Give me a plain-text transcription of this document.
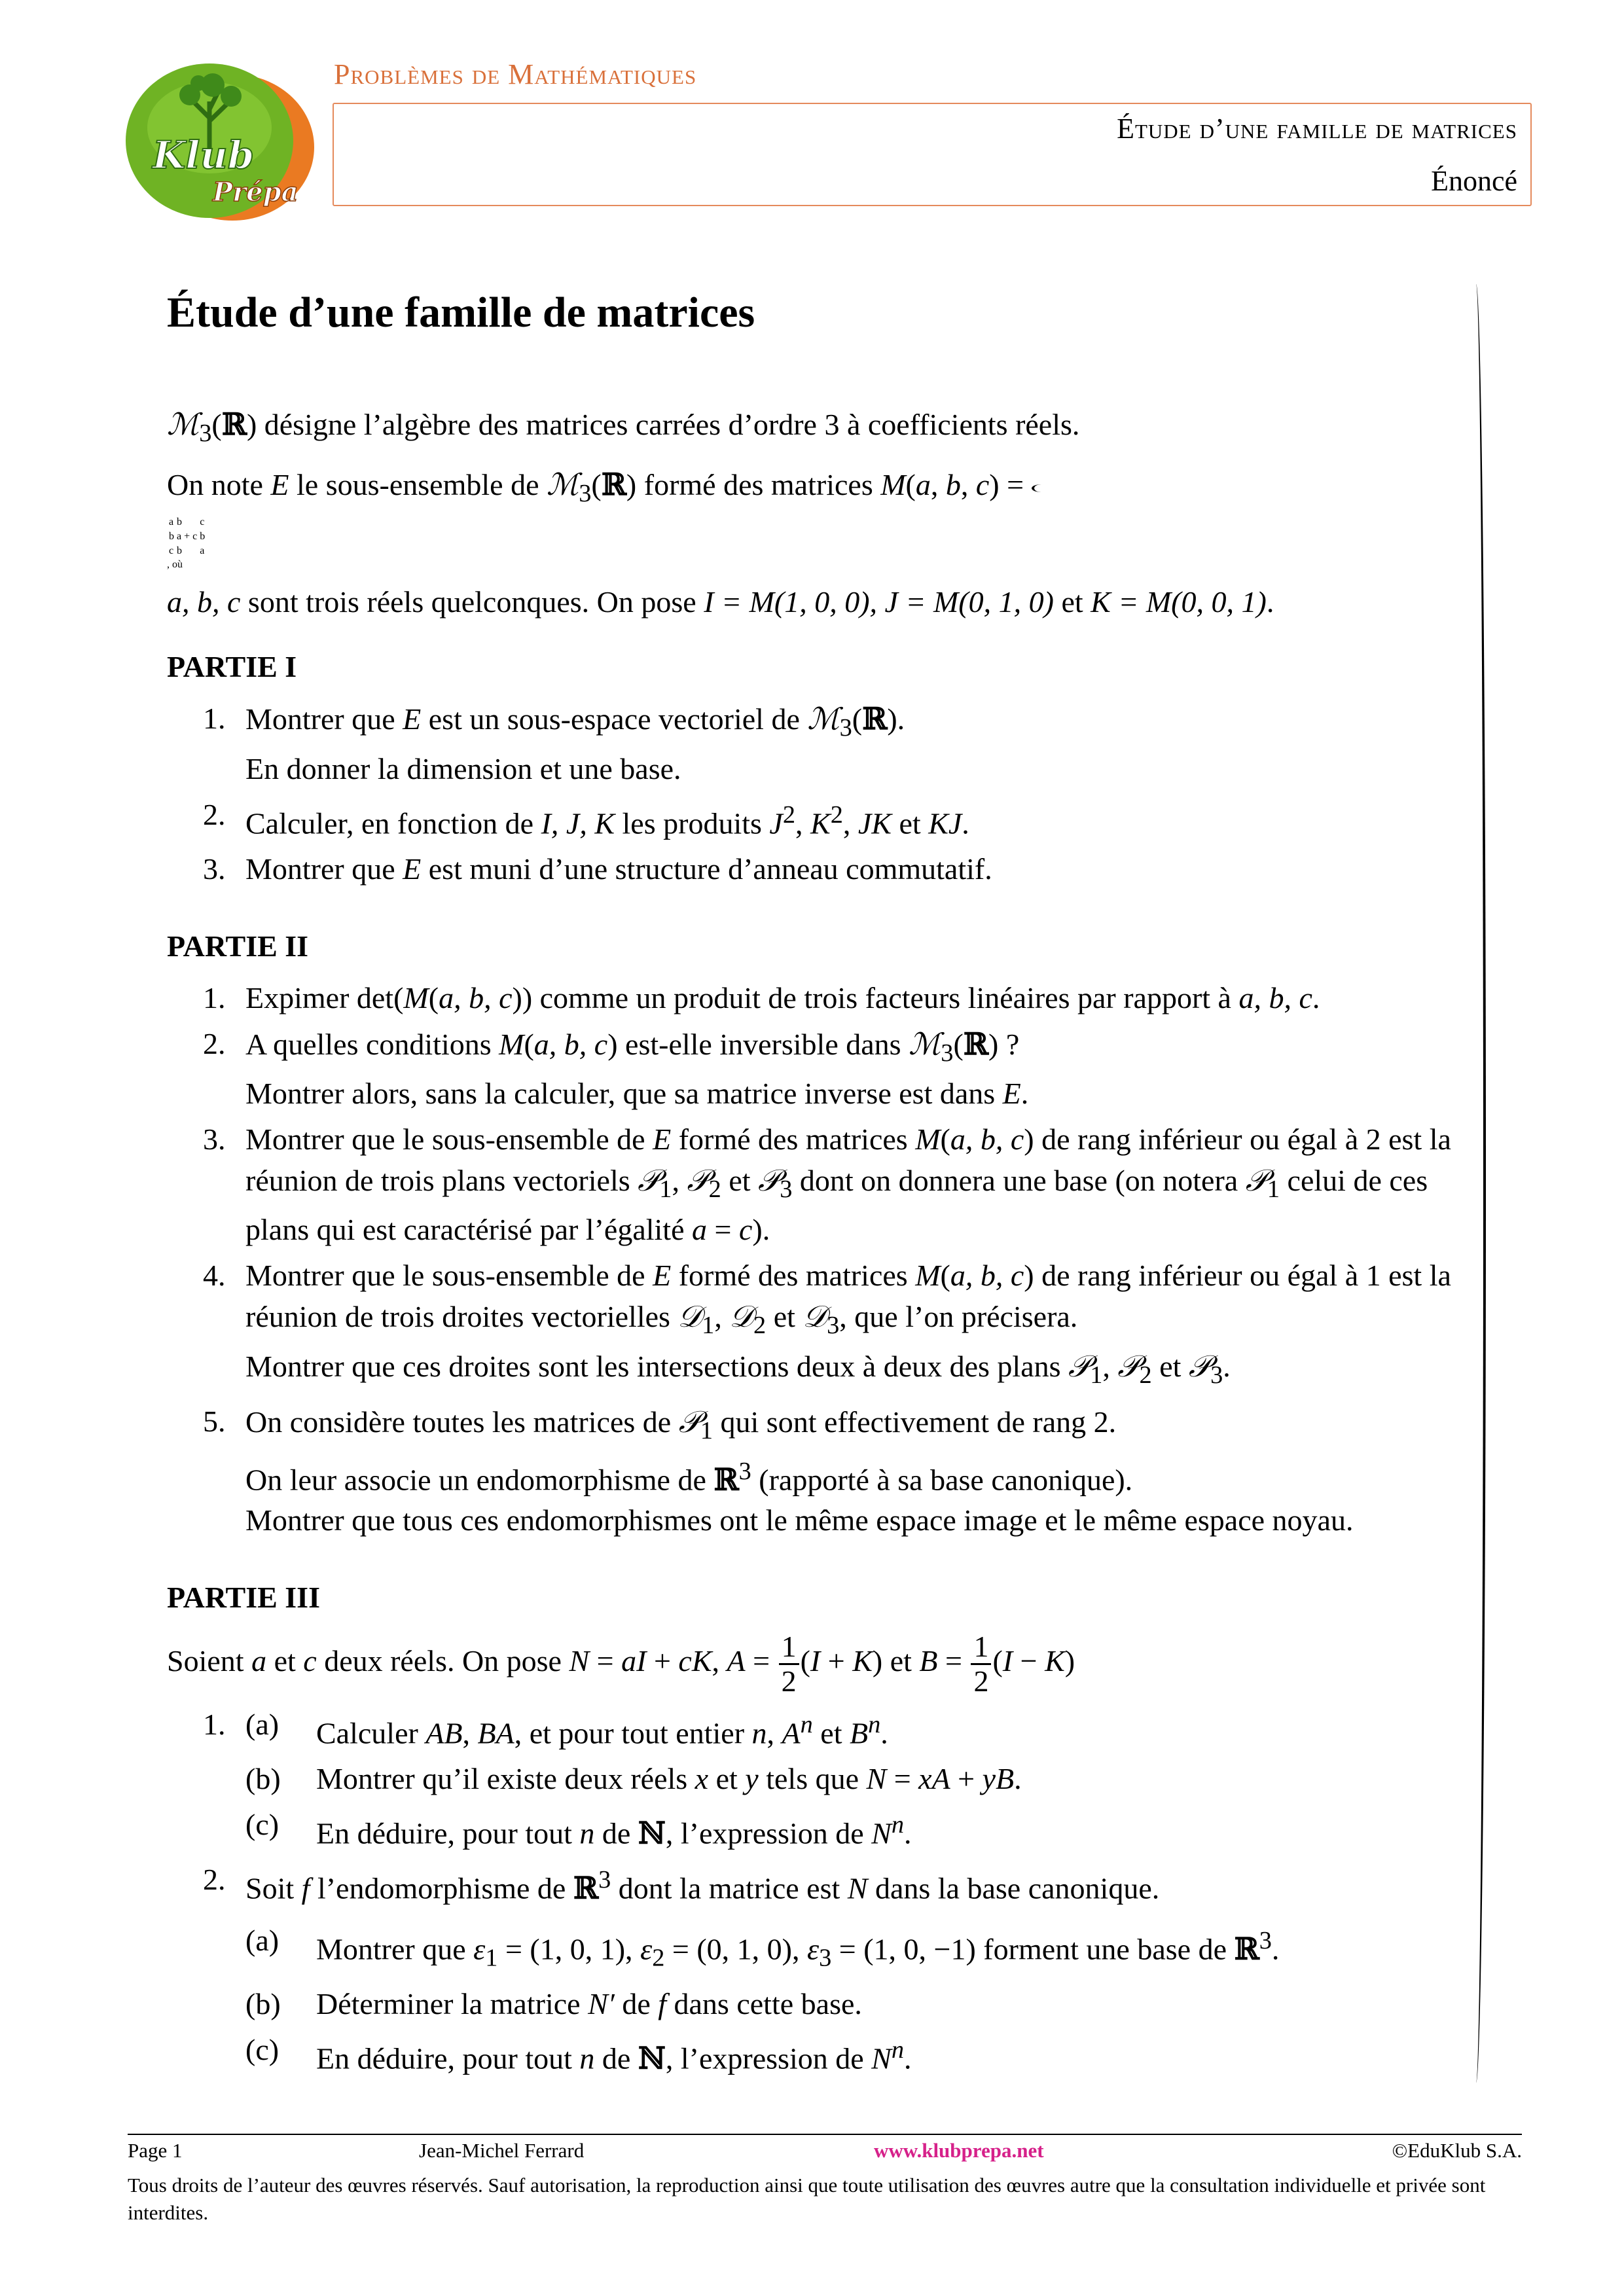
Klub
Prépa
Problèmes de Mathématiques
Étude d’une famille de matrices
Énoncé
Étude d’une famille de matrices

ℳ$_3$(ℝ) désigne l’algèbre des matrices carrées d’ordre 3 à coefficients réels.

On note E le sous-ensemble de ℳ$_3$(ℝ) formé des matrices M(a, b, c) =

a	b	c
b	a + c	b
c	b	a
, où

a, b, c sont trois réels quelconques. On pose I = M(1, 0, 0), J = M(0, 1, 0) et K = M(0, 0, 1).

PARTIE I
1. Montrer que E est un sous-espace vectoriel de ℳ$_3$(ℝ).
En donner la dimension et une base.
2. Calculer, en fonction de I, J, K les produits $J^2$, $K^2$, JK et KJ.
3. Montrer que E est muni d’une structure d’anneau commutatif.
PARTIE II
1. Expimer det(M(a, b, c)) comme un produit de trois facteurs linéaires par rapport à a, b, c.
2. A quelles conditions M(a, b, c) est-elle inversible dans ℳ$_3$(ℝ) ?
Montrer alors, sans la calculer, que sa matrice inverse est dans E.
3. Montrer que le sous-ensemble de E formé des matrices M(a, b, c) de rang inférieur ou égal à 2 est la réunion de trois plans vectoriels 𝒫$_1$, 𝒫$_2$ et 𝒫$_3$ dont on donnera une base (on notera 𝒫$_1$ celui de ces plans qui est caractérisé par l’égalité a = c).
4. Montrer que le sous-ensemble de E formé des matrices M(a, b, c) de rang inférieur ou égal à 1 est la réunion de trois droites vectorielles 𝒟$_1$, 𝒟$_2$ et 𝒟$_3$, que l’on précisera.
Montrer que ces droites sont les intersections deux à deux des plans 𝒫$_1$, 𝒫$_2$ et 𝒫$_3$.
5. On considère toutes les matrices de 𝒫$_1$ qui sont effectivement de rang 2.
On leur associe un endomorphisme de ℝ$^3$ (rapporté à sa base canonique).
Montrer que tous ces endomorphismes ont le même espace image et le même espace noyau.
PARTIE III

Soient a et c deux réels. On pose N = aI + cK, $A = \frac{1}{2} (I + K)$ et $B = \frac{1}{2} (I - K)$

1. (a) Calculer AB, BA, et pour tout entier n, $A^n$ et $B^n$.
(b) Montrer qu’il existe deux réels x et y tels que N = xA + yB.
(c) En déduire, pour tout n de ℕ, l’expression de $N^n$.
2. Soit f l’endomorphisme de ℝ$^3$ dont la matrice est N dans la base canonique.
(a) Montrer que $\varepsilon_1 = (1$, 0, 1), $\varepsilon_2 = (0$, 1, 0), $\varepsilon_3 = (1$, 0, −1) forment une base de ℝ$^3$.
(b) Déterminer la matrice N′ de f dans cette base.
(c) En déduire, pour tout n de ℕ, l’expression de $N^n$.
Page 1	Jean-Michel Ferrard	www.klubprepa.net	©EduKlub S.A.
Tous droits de l’auteur des œuvres réservés. Sauf autorisation, la reproduction ainsi que toute utilisation des œuvres autre que la consultation individuelle et privée sont interdites.
